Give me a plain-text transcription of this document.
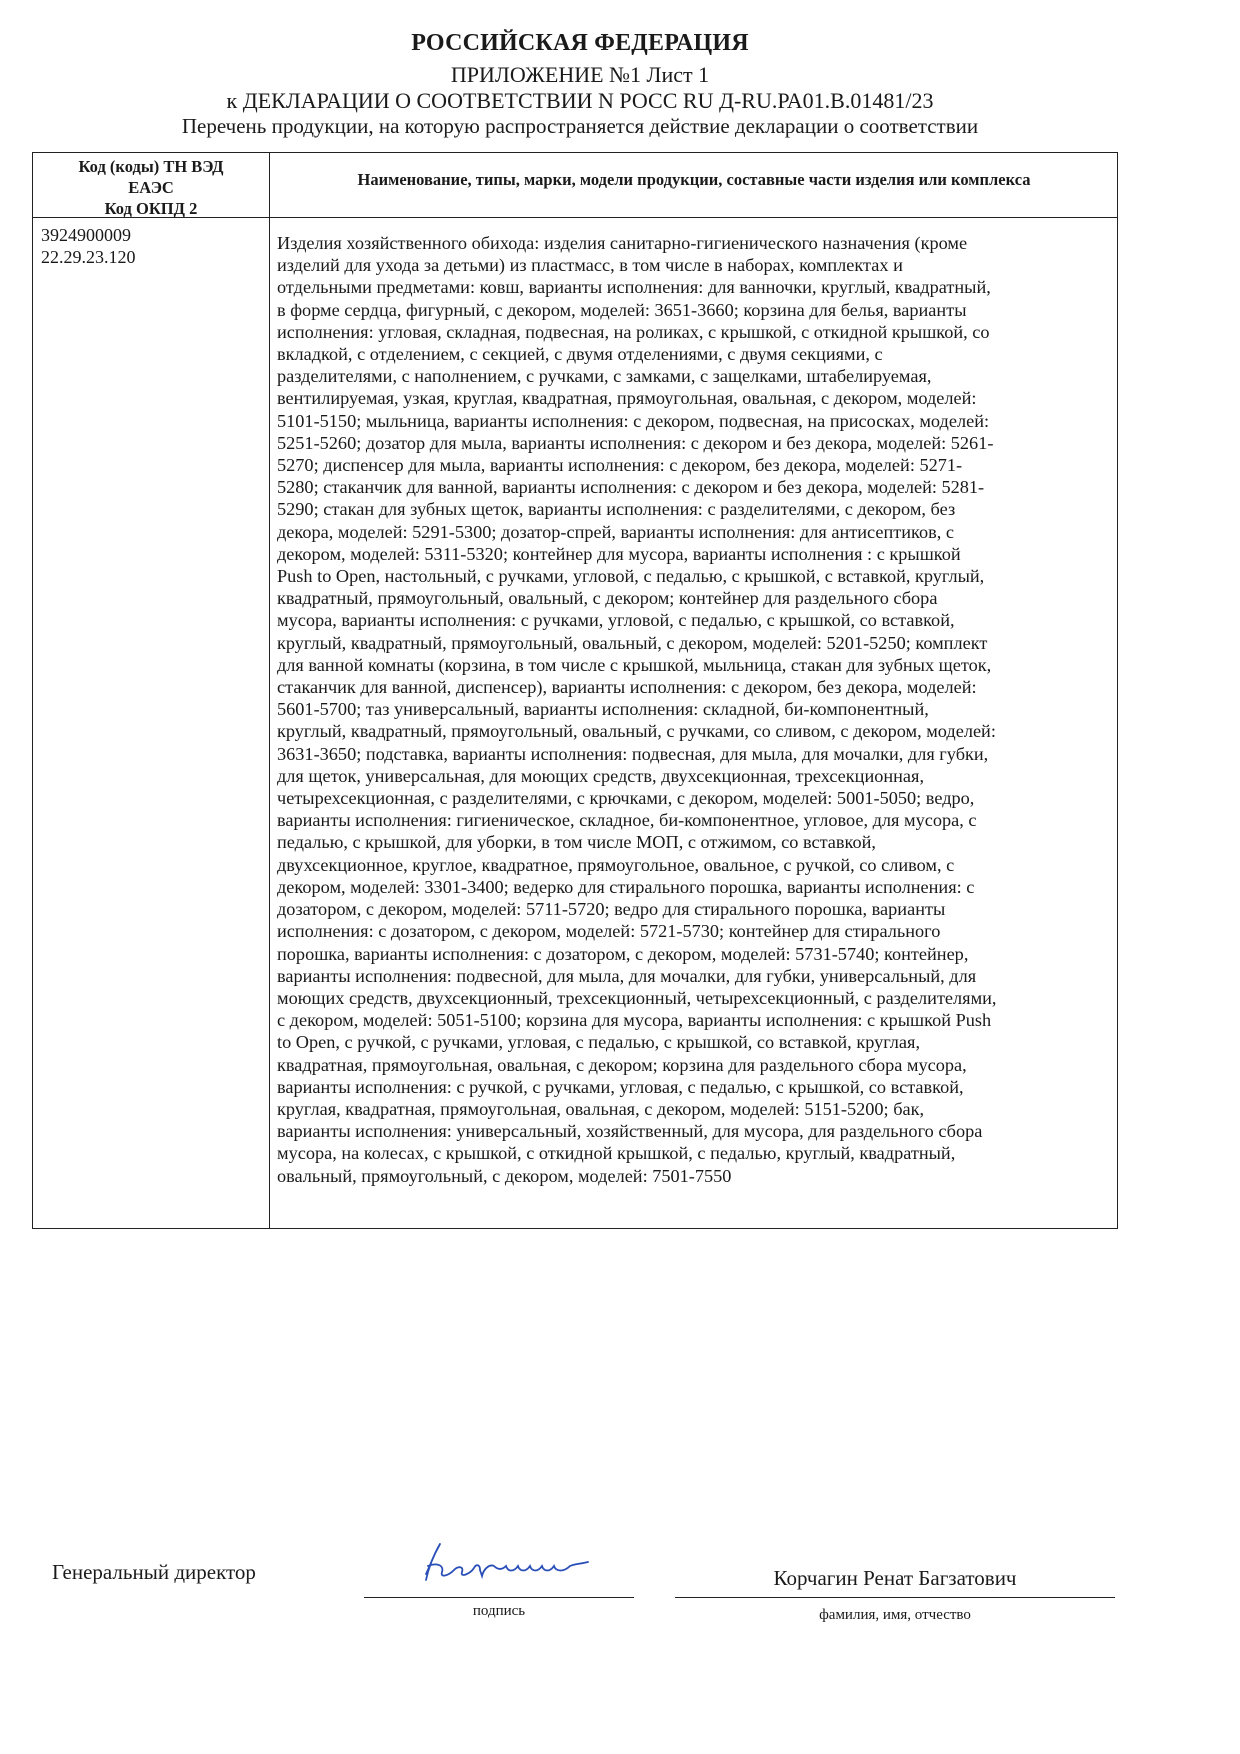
РОССИЙСКАЯ ФЕДЕРАЦИЯ
ПРИЛОЖЕНИЕ №1 Лист 1
к ДЕКЛАРАЦИИ О СООТВЕТСТВИИ N РОСС RU Д-RU.РА01.В.01481/23
Перечень продукции, на которую распространяется действие декларации о соответствии
Код (коды) ТН ВЭД
ЕАЭС
Код ОКПД 2
Наименование, типы, марки, модели продукции, составные части изделия или комплекса
3924900009
22.29.23.120
Изделия хозяйственного обихода: изделия санитарно-гигиенического назначения (кроме
изделий для ухода за детьми) из пластмасс, в том числе в наборах, комплектах и
отдельными предметами: ковш, варианты исполнения: для ванночки, круглый, квадратный,
в форме сердца, фигурный, с декором, моделей: 3651-3660; корзина для белья, варианты
исполнения: угловая, складная, подвесная, на роликах, с крышкой, с откидной крышкой, со
вкладкой, с отделением, с секцией, с двумя отделениями, с двумя секциями, с
разделителями, с наполнением, с ручками, с замками, с защелками, штабелируемая,
вентилируемая, узкая, круглая, квадратная, прямоугольная, овальная, с декором, моделей:
5101-5150; мыльница, варианты исполнения: с декором, подвесная, на присосках, моделей:
5251-5260; дозатор для мыла, варианты исполнения: с декором и без декора, моделей: 5261-
5270; диспенсер для мыла, варианты исполнения: с декором, без декора, моделей: 5271-
5280; стаканчик для ванной, варианты исполнения: с декором и без декора, моделей: 5281-
5290; стакан для зубных щеток, варианты исполнения: с разделителями, с декором, без
декора, моделей: 5291-5300; дозатор-спрей, варианты исполнения: для антисептиков, с
декором, моделей: 5311-5320; контейнер для мусора, варианты исполнения : с крышкой
Push to Open, настольный, с ручками, угловой, с педалью, с крышкой, с вставкой, круглый,
квадратный, прямоугольный, овальный, с декором; контейнер для раздельного сбора
мусора, варианты исполнения: с ручками, угловой, с педалью, с крышкой, со вставкой,
круглый, квадратный, прямоугольный, овальный, с декором, моделей: 5201-5250; комплект
для ванной комнаты (корзина, в том числе с крышкой, мыльница, стакан для зубных щеток,
стаканчик для ванной, диспенсер), варианты исполнения: с декором, без декора, моделей:
5601-5700; таз универсальный, варианты исполнения: складной, би-компонентный,
круглый, квадратный, прямоугольный, овальный, с ручками, со сливом, с декором, моделей:
3631-3650; подставка, варианты исполнения: подвесная, для мыла, для мочалки, для губки,
для щеток, универсальная, для моющих средств, двухсекционная, трехсекционная,
четырехсекционная, с разделителями, с крючками, с декором, моделей: 5001-5050; ведро,
варианты исполнения: гигиеническое, складное, би-компонентное, угловое, для мусора, с
педалью, с крышкой, для уборки, в том числе МОП, с отжимом, со вставкой,
двухсекционное, круглое, квадратное, прямоугольное, овальное, с ручкой, со сливом, с
декором, моделей: 3301-3400; ведерко для стирального порошка, варианты исполнения: с
дозатором, с декором, моделей: 5711-5720; ведро для стирального порошка, варианты
исполнения: с дозатором, с декором, моделей: 5721-5730; контейнер для стирального
порошка, варианты исполнения: с дозатором, с декором, моделей: 5731-5740; контейнер,
варианты исполнения: подвесной, для мыла, для мочалки, для губки, универсальный, для
моющих средств, двухсекционный, трехсекционный, четырехсекционный, с разделителями,
с декором, моделей: 5051-5100; корзина для мусора, варианты исполнения: с крышкой Push
to Open, с ручкой, с ручками, угловая, с педалью, с крышкой, со вставкой, круглая,
квадратная, прямоугольная, овальная, с декором; корзина для раздельного сбора мусора,
варианты исполнения: с ручкой, с ручками, угловая, с педалью, с крышкой, со вставкой,
круглая, квадратная, прямоугольная, овальная, с декором, моделей: 5151-5200; бак,
варианты исполнения: универсальный, хозяйственный, для мусора, для раздельного сбора
мусора, на колесах, с крышкой, с откидной крышкой, с педалью, круглый, квадратный,
овальный, прямоугольный, с декором, моделей: 7501-7550
Генеральный директор
подпись
Корчагин Ренат Багзатович
фамилия, имя, отчество
